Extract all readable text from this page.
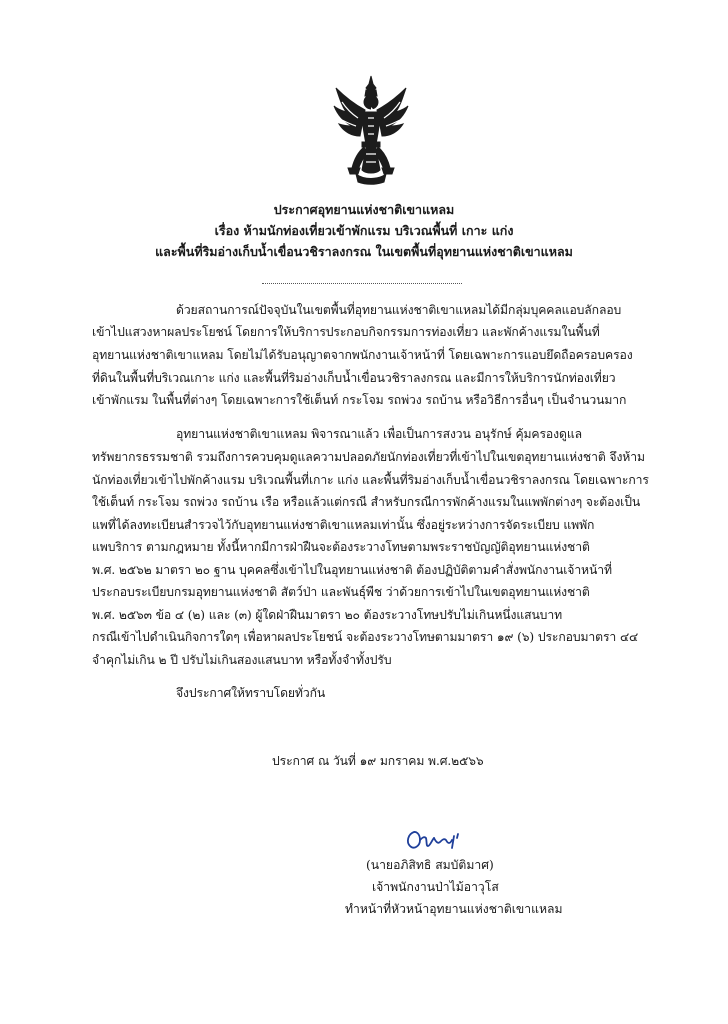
ประกาศอุทยานแห่งชาติเขาแหลม
เรื่อง ห้ามนักท่องเที่ยวเข้าพักแรม บริเวณพื้นที่ เกาะ แก่ง
และพื้นที่ริมอ่างเก็บน้ำเขื่อนวชิราลงกรณ ในเขตพื้นที่อุทยานแห่งชาติเขาแหลม
ด้วยสถานการณ์ปัจจุบันในเขตพื้นที่อุทยานแห่งชาติเขาแหลมได้มีกลุ่มบุคคลแอบลักลอบ
เข้าไปแสวงหาผลประโยชน์ โดยการให้บริการประกอบกิจกรรมการท่องเที่ยว และพักค้างแรมในพื้นที่
อุทยานแห่งชาติเขาแหลม โดยไม่ได้รับอนุญาตจากพนักงานเจ้าหน้าที่ โดยเฉพาะการแอบยึดถือครอบครอง
ที่ดินในพื้นที่บริเวณเกาะ แก่ง และพื้นที่ริมอ่างเก็บน้ำเขื่อนวชิราลงกรณ และมีการให้บริการนักท่องเที่ยว
เข้าพักแรม ในพื้นที่ต่างๆ โดยเฉพาะการใช้เต็นท์ กระโจม รถพ่วง รถบ้าน หรือวิธีการอื่นๆ เป็นจำนวนมาก
อุทยานแห่งชาติเขาแหลม พิจารณาแล้ว เพื่อเป็นการสงวน อนุรักษ์ คุ้มครองดูแล
ทรัพยากรธรรมชาติ รวมถึงการควบคุมดูแลความปลอดภัยนักท่องเที่ยวที่เข้าไปในเขตอุทยานแห่งชาติ จึงห้าม
นักท่องเที่ยวเข้าไปพักค้างแรม บริเวณพื้นที่เกาะ แก่ง และพื้นที่ริมอ่างเก็บน้ำเขื่อนวชิราลงกรณ โดยเฉพาะการ
ใช้เต็นท์ กระโจม รถพ่วง รถบ้าน เรือ หรือแล้วแต่กรณี สำหรับกรณีการพักค้างแรมในแพพักต่างๆ จะต้องเป็น
แพที่ได้ลงทะเบียนสำรวจไว้กับอุทยานแห่งชาติเขาแหลมเท่านั้น ซึ่งอยู่ระหว่างการจัดระเบียบ แพพัก
แพบริการ ตามกฎหมาย ทั้งนี้หากมีการฝ่าฝืนจะต้องระวางโทษตามพระราชบัญญัติอุทยานแห่งชาติ
พ.ศ. ๒๕๖๒ มาตรา ๒๐ ฐาน บุคคลซึ่งเข้าไปในอุทยานแห่งชาติ ต้องปฏิบัติตามคำสั่งพนักงานเจ้าหน้าที่
ประกอบระเบียบกรมอุทยานแห่งชาติ สัตว์ป่า และพันธุ์พืช ว่าด้วยการเข้าไปในเขตอุทยานแห่งชาติ
พ.ศ. ๒๕๖๓ ข้อ ๔ (๒) และ (๓) ผู้ใดฝ่าฝืนมาตรา ๒๐ ต้องระวางโทษปรับไม่เกินหนึ่งแสนบาท
กรณีเข้าไปดำเนินกิจการใดๆ เพื่อหาผลประโยชน์ จะต้องระวางโทษตามมาตรา ๑๙ (๖) ประกอบมาตรา ๔๔
จำคุกไม่เกิน ๒ ปี ปรับไม่เกินสองแสนบาท หรือทั้งจำทั้งปรับ
จึงประกาศให้ทราบโดยทั่วกัน
ประกาศ ณ วันที่ ๑๙ มกราคม พ.ศ.๒๕๖๖
(นายอภิสิทธิ สมบัติมาศ)
เจ้าพนักงานป่าไม้อาวุโส
ทำหน้าที่หัวหน้าอุทยานแห่งชาติเขาแหลม
